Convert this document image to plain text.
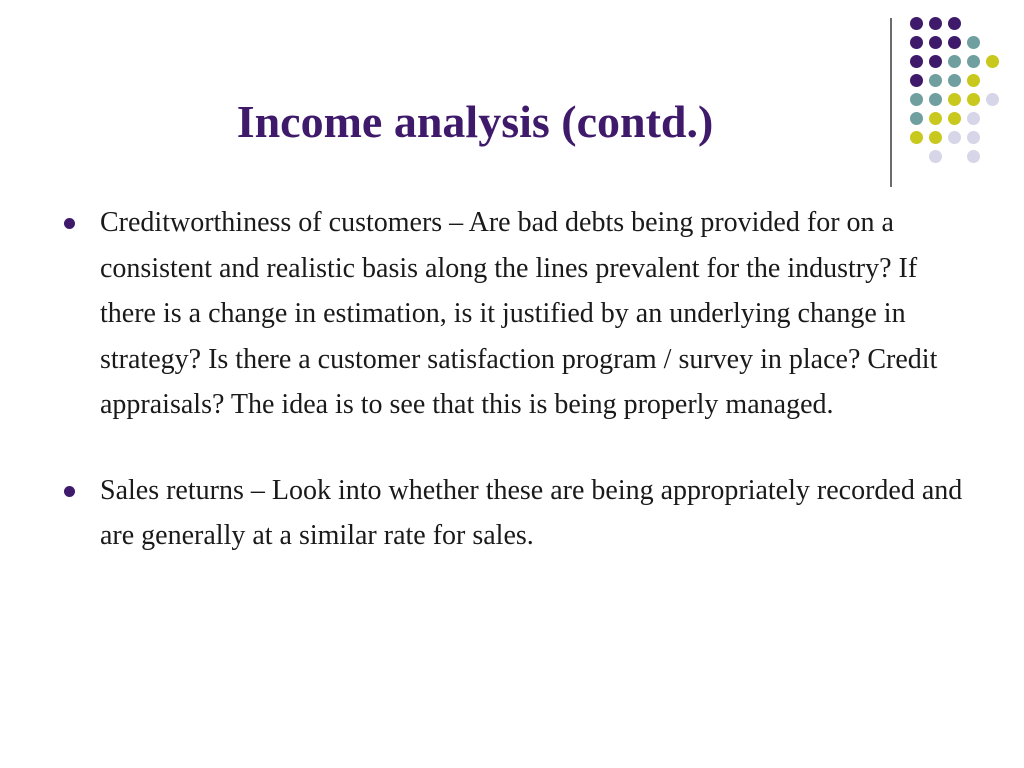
Income analysis (contd.)
Creditworthiness of customers – Are bad debts being provided for on a consistent and realistic basis along the lines prevalent for the industry? If there is a change in estimation, is it justified by an underlying change in strategy? Is there a customer satisfaction program / survey in place? Credit appraisals? The idea is to see that this is being properly managed.
Sales returns – Look into whether these are being appropriately recorded and are generally at a similar rate for sales.
